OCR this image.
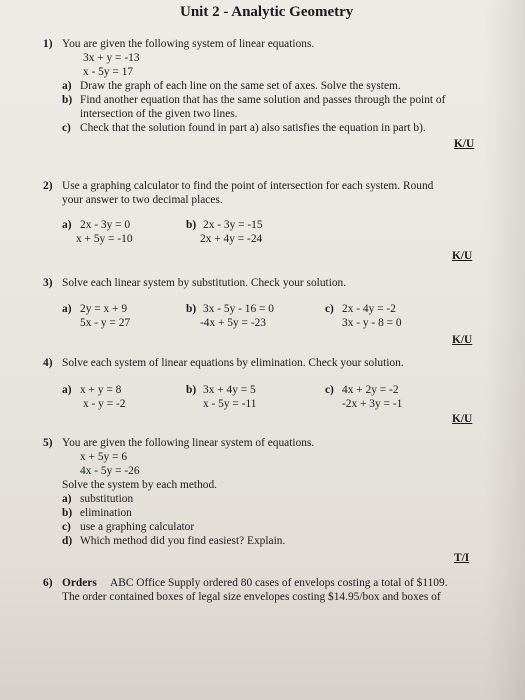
Unit 2 - Analytic Geometry
1) You are given the following system of linear equations.
3x + y = -13
x - 5y = 17
a) Draw the graph of each line on the same set of axes. Solve the system.
b) Find another equation that has the same solution and passes through the point of
intersection of the given two lines.
c) Check that the solution found in part a) also satisfies the equation in part b).
K/U
2) Use a graphing calculator to find the point of intersection for each system. Round
your answer to two decimal places.
a) 2x - 3y = 0
x + 5y = -10
b) 2x - 3y = -15
2x + 4y = -24
K/U
3) Solve each linear system by substitution. Check your solution.
a) 2y = x + 9
5x - y = 27
b) 3x - 5y - 16 = 0
-4x + 5y = -23
c) 2x - 4y = -2
3x - y - 8 = 0
K/U
4) Solve each system of linear equations by elimination. Check your solution.
a) x + y = 8
x - y = -2
b) 3x + 4y = 5
x - 5y = -11
c) 4x + 2y = -2
-2x + 3y = -1
K/U
5) You are given the following linear system of equations.
x + 5y = 6
4x - 5y = -26
Solve the system by each method.
a) substitution
b) elimination
c) use a graphing calculator
d) Which method did you find easiest? Explain.
T/I
6) Orders ABC Office Supply ordered 80 cases of envelops costing a total of $1109.
The order contained boxes of legal size envelopes costing $14.95/box and boxes of
